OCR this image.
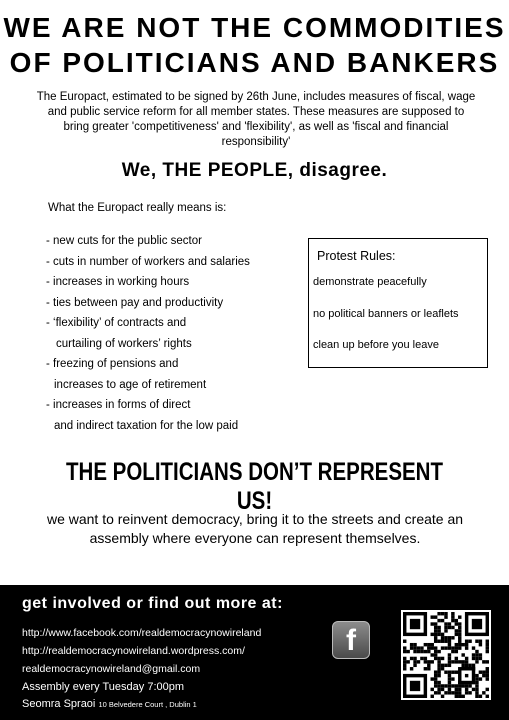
WE ARE NOT THE COMMODITIES
OF POLITICIANS AND BANKERS
The Europact, estimated to be signed by 26th June, includes measures of fiscal, wage and public service reform for all member states. These measures are supposed to bring greater 'competitiveness' and 'flexibility', as well as 'fiscal and financial responsibility'
We, THE PEOPLE, disagree.
What the Europact really means is:
- new cuts for the public sector
- cuts in number of workers and salaries
- increases in working hours
- ties between pay and productivity
- ‘flexibility’ of contracts and
curtailing of workers’ rights
- freezing of pensions and
increases to age of retirement
- increases in forms of direct
and indirect taxation for the low paid
Protest Rules:
demonstrate peacefully
no political banners or leaflets
clean up before you leave
THE POLITICIANS DON’T REPRESENT US!
we want to reinvent democracy, bring it to the streets and create an assembly where everyone can represent themselves.
get involved or find out more at:
http://www.facebook.com/realdemocracynowireland
http://realdemocracynowireland.wordpress.com/
realdemocracynowireland@gmail.com
Assembly every Tuesday 7:00pm
Seomra Spraoi 10 Belvedere Court , Dublin 1
f
